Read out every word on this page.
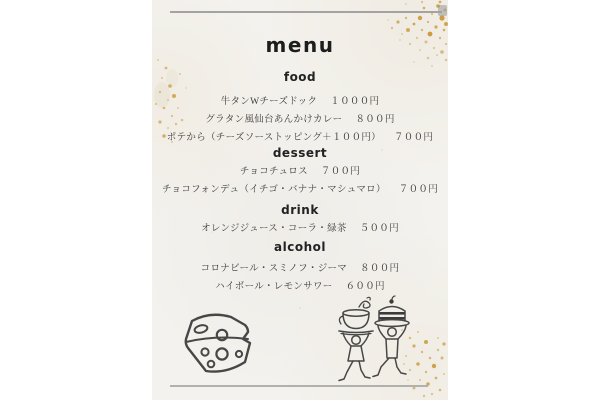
menu
food
牛タンWチーズドック １０００円
グラタン風仙台あんかけカレー ８００円
ポテから（チーズソーストッピング＋１００円） ７００円
dessert
チョコチュロス ７００円
チョコフォンデュ（イチゴ・バナナ・マシュマロ） ７００円
drink
オレンジジュース・コーラ・緑茶 ５００円
alcohol
コロナビール・スミノフ・ジーマ ８００円
ハイボール・レモンサワー ６００円
